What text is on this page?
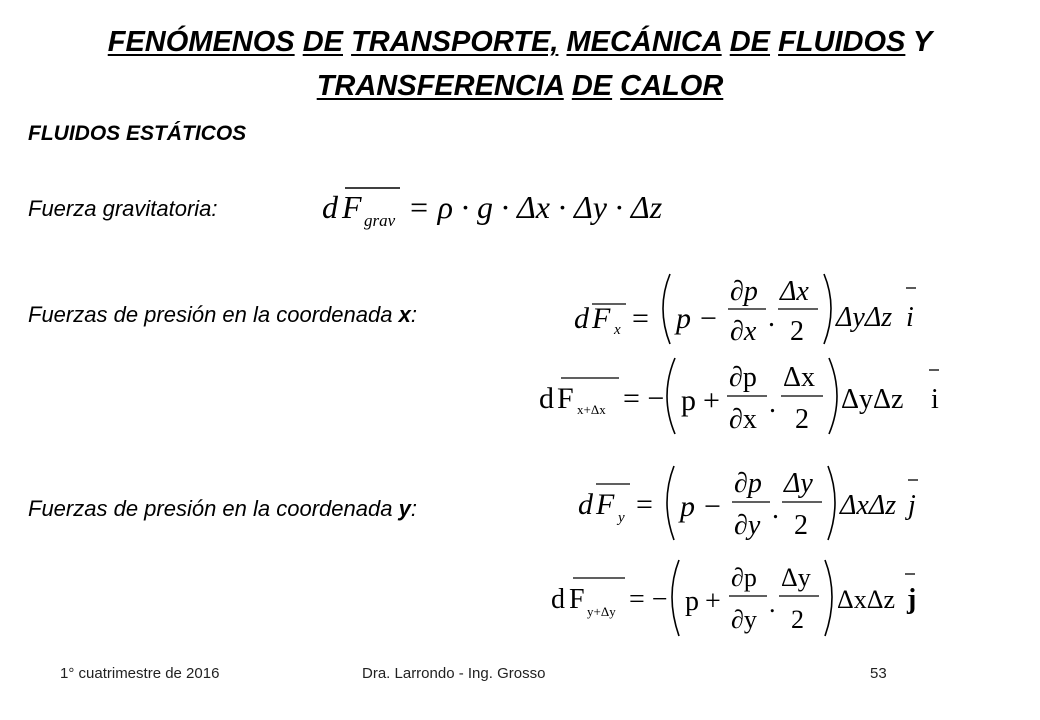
FENÓMENOS DE TRANSPORTE, MECÁNICA DE FLUIDOS Y
TRANSFERENCIA DE CALOR
FLUIDOS ESTÁTICOS
Fuerza gravitatoria:
Fuerzas de presión en la coordenada x:
Fuerzas de presión en la coordenada y:
d F grav = ρ · g · Δx · Δy · Δz
d F x = p −
∂p
∂x .
Δx
2 ΔyΔz i
d F x+Δx = − p +
∂p
∂x
.
Δx
2
ΔyΔz i
d F y = p −
∂p
∂y
.
Δy
2
ΔxΔz j
d F y+Δy = − p +
∂p
∂y
.
Δy
2
ΔxΔz j
1° cuatrimestre de 2016	Dra. Larrondo - Ing. Grosso	53
